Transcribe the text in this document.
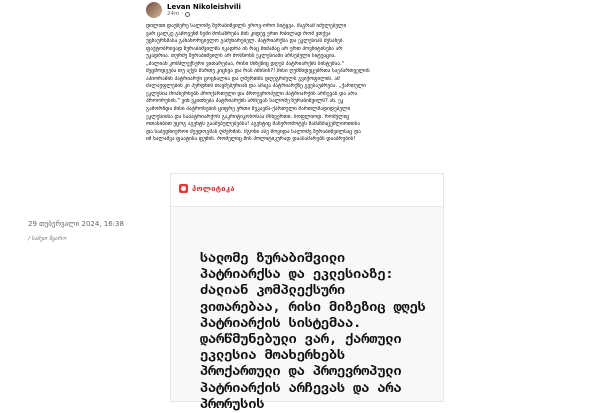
Levan Nikoleishvili
24m ·
დილით დაუწერე სალომე ზურაბიშვილს ეროვ-ორო სიტყვა. მაგრამ იძულებული
ვარ ცალკე გამოვეხმ ჩემი მოსაზრება მის კიდევ ერთ რბილად რომ ვთქვა
უცნაურსმასა განახორციელო გამუხარებელ. პატრიარქსა და ეკლესიას შესახებ.
ფაქტობრივად ზურაბიშვილმა იკადრა ის რაც მიშამაც არ ერთ პოვჩიტისენა არ
უკადრია. თურმე ზურაბიშვილს არ მოსწონს ეკლესიაში არსებული სიტუაცია.
„ძალიან კომპლექსური ვითარებაა, რისი მიზეზიც დღეს პატრიარქის სისტემაა."
შეცმოდგება თუ აქეს მართე კიცხვა და რას იმისის?! მისი ღუმმიდეცებრთა საეპართველის
აპიორაშის პატრიარქი ცოცხალია და ღმერთმა დღეგრძელს გვიქოფილის. ამ
ძალაუფლების კი ჰურდნის თავმებურიან და ამაცა პატრიარქზე გვესაუბრება. „ქართული
ეკლესია მოახერხებს პროქართული და პროევროპული პატრიარქის არჩევას და არა
პროორუსის." ვინ ვკითხება პატრიარქის არჩევას სალომე ზურაბიშვილს? ან. ეკ
გამორჩდა მისი პატრონების ციფრე ერთი შეკავშა-ქართული მართლმადიდებელი
ეკლესიისა და საპატრიარქოს გაკრიტიკოსოსაა მსხვერთი. სოფლიოდ. რომელიც
ოთასიბით უცოგ აგენტს გაამებულებებსა! აგენტიც მაჩერომოტეს მამაზმაცემლიოთისა
და საბედნიეროი შეუდოგმას ღმერმის. მგონი ასე მოვიდა სალომე ზურაბიშვილსაც და
იმ ნალაშვა ფაატისა ფუმის. რომელიც მის პოლიტიკურად დაასამარებს დააბრების!
პოლიტიკა
29 თებერვალი 2024, 16:38
/ სამეთ წყარო
სალომე ზურაბიშვილი
პატრიარქსა და ეკლესიაზე:
ძალიან კომპლექსური
ვითარებაა, რისი მიზეზიც დღეს
პატრიარქის სისტემაა.
დარწმუნებული ვარ, ქართული
ეკლესია მოახერხებს
პროქართული და პროევროპული
პატრიარქის არჩევას და არა
პრორუსის
